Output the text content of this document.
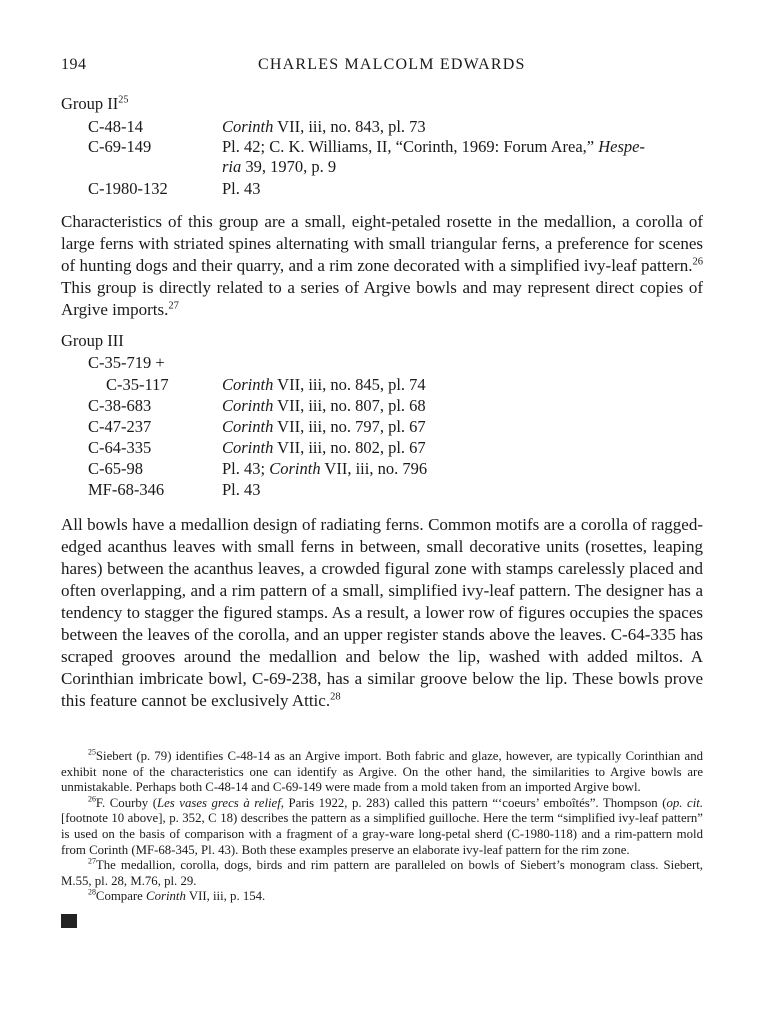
194	CHARLES MALCOLM EDWARDS
Group II$^{25}$
C-48-14	Corinth VII, iii, no. 843, pl. 73
C-69-149	Pl. 42; C. K. Williams, II, “Corinth, 1969: Forum Area,” Hespe-
ria 39, 1970, p. 9
C-1980-132	Pl. 43
Characteristics of this group are a small, eight-petaled rosette in the medallion, a corolla of large ferns with striated spines alternating with small triangular ferns, a preference for scenes of hunting dogs and their quarry, and a rim zone decorated with a simplified ivy-leaf pattern.$^{26}$ This group is directly related to a series of Argive bowls and may represent direct copies of Argive imports.$^{27}$
Group III
C-35-719 +
C-35-117	Corinth VII, iii, no. 845, pl. 74
C-38-683	Corinth VII, iii, no. 807, pl. 68
C-47-237	Corinth VII, iii, no. 797, pl. 67
C-64-335	Corinth VII, iii, no. 802, pl. 67
C-65-98	Pl. 43; Corinth VII, iii, no. 796
MF-68-346	Pl. 43
All bowls have a medallion design of radiating ferns. Common motifs are a corolla of ragged-edged acanthus leaves with small ferns in between, small decorative units (rosettes, leaping hares) between the acanthus leaves, a crowded figural zone with stamps carelessly placed and often overlapping, and a rim pattern of a small, simplified ivy-leaf pattern. The designer has a tendency to stagger the figured stamps. As a result, a lower row of figures occupies the spaces between the leaves of the corolla, and an upper register stands above the leaves. C-64-335 has scraped grooves around the medallion and below the lip, washed with added miltos. A Corinthian imbricate bowl, C-69-238, has a similar groove below the lip. These bowls prove this feature cannot be exclusively Attic.$^{28}$

$^{25}$Siebert (p. 79) identifies C-48-14 as an Argive import. Both fabric and glaze, however, are typically Corinthian and exhibit none of the characteristics one can identify as Argive. On the other hand, the similarities to Argive bowls are unmistakable. Perhaps both C-48-14 and C-69-149 were made from a mold taken from an imported Argive bowl.

$^{26}$F. Courby (Les vases grecs à relief, Paris 1922, p. 283) called this pattern “‘coeurs’ emboîtés”. Thompson (op. cit. [footnote 10 above], p. 352, C 18) describes the pattern as a simplified guilloche. Here the term “simplified ivy-leaf pattern” is used on the basis of comparison with a fragment of a gray-ware long-petal sherd (C-1980-118) and a rim-pattern mold from Corinth (MF-68-345, Pl. 43). Both these examples preserve an elaborate ivy-leaf pattern for the rim zone.

$^{27}$The medallion, corolla, dogs, birds and rim pattern are paralleled on bowls of Siebert’s monogram class. Siebert, M.55, pl. 28, M.76, pl. 29.

$^{28}$Compare Corinth VII, iii, p. 154.
